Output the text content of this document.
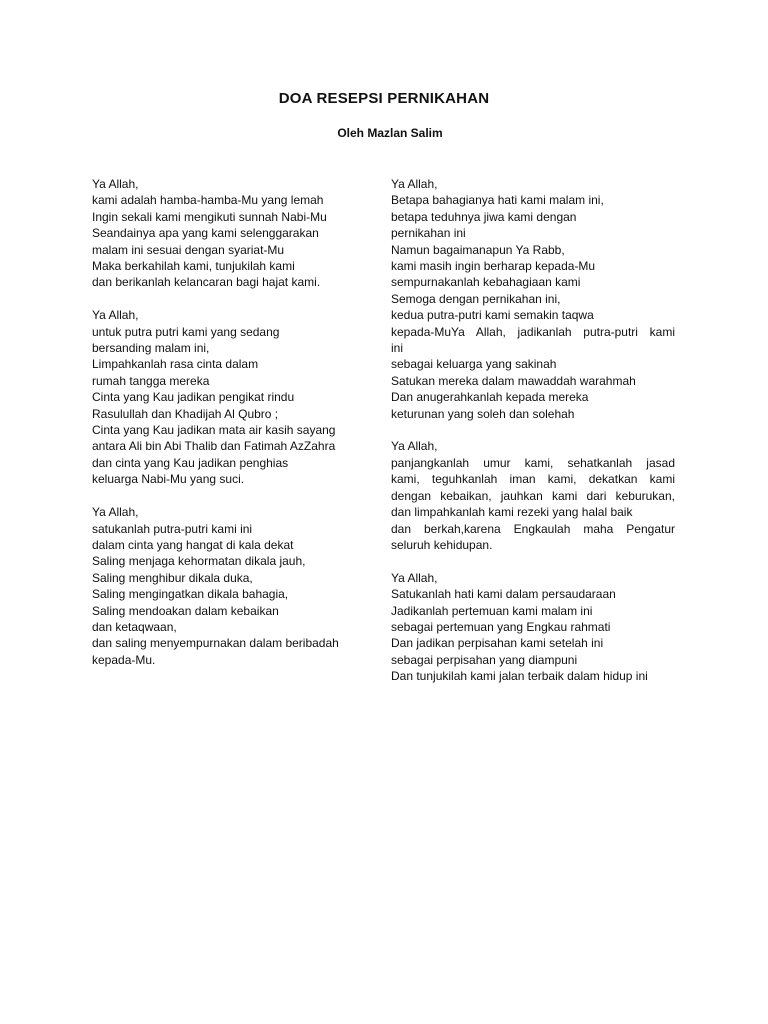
DOA RESEPSI PERNIKAHAN

Oleh Mazlan Salim

Ya Allah,
kami adalah hamba-hamba-Mu yang lemah
Ingin sekali kami mengikuti sunnah Nabi-Mu
Seandainya apa yang kami selenggarakan
malam ini sesuai dengan syariat-Mu
Maka berkahilah kami, tunjukilah kami
dan berikanlah kelancaran bagi hajat kami.

Ya Allah,
untuk putra putri kami yang sedang
bersanding malam ini,
Limpahkanlah rasa cinta dalam
rumah tangga mereka
Cinta yang Kau jadikan pengikat rindu
Rasulullah dan Khadijah Al Qubro ;
Cinta yang Kau jadikan mata air kasih sayang
antara Ali bin Abi Thalib dan Fatimah AzZahra
dan cinta yang Kau jadikan penghias
keluarga Nabi-Mu yang suci.

Ya Allah,
satukanlah putra-putri kami ini
dalam cinta yang hangat di kala dekat
Saling menjaga kehormatan dikala jauh,
Saling menghibur dikala duka,
Saling mengingatkan dikala bahagia,
Saling mendoakan dalam kebaikan
dan ketaqwaan,
dan saling menyempurnakan dalam beribadah
kepada-Mu.

Ya Allah,
Betapa bahagianya hati kami malam ini,
betapa teduhnya jiwa kami dengan
pernikahan ini
Namun bagaimanapun Ya Rabb,
kami masih ingin berharap kepada-Mu
sempurnakanlah kebahagiaan kami
Semoga dengan pernikahan ini,
kedua putra-putri kami semakin taqwa
kepada-MuYa Allah, jadikanlah putra-putri kami
ini
sebagai keluarga yang sakinah
Satukan mereka dalam mawaddah warahmah
Dan anugerahkanlah kepada mereka
keturunan yang soleh dan solehah

Ya Allah,
panjangkanlah umur kami, sehatkanlah jasad
kami, teguhkanlah iman kami, dekatkan kami
dengan kebaikan, jauhkan kami dari keburukan,
dan limpahkanlah kami rezeki yang halal baik
dan berkah,karena Engkaulah maha Pengatur
seluruh kehidupan.

Ya Allah,
Satukanlah hati kami dalam persaudaraan
Jadikanlah pertemuan kami malam ini
sebagai pertemuan yang Engkau rahmati
Dan jadikan perpisahan kami setelah ini
sebagai perpisahan yang diampuni
Dan tunjukilah kami jalan terbaik dalam hidup ini
